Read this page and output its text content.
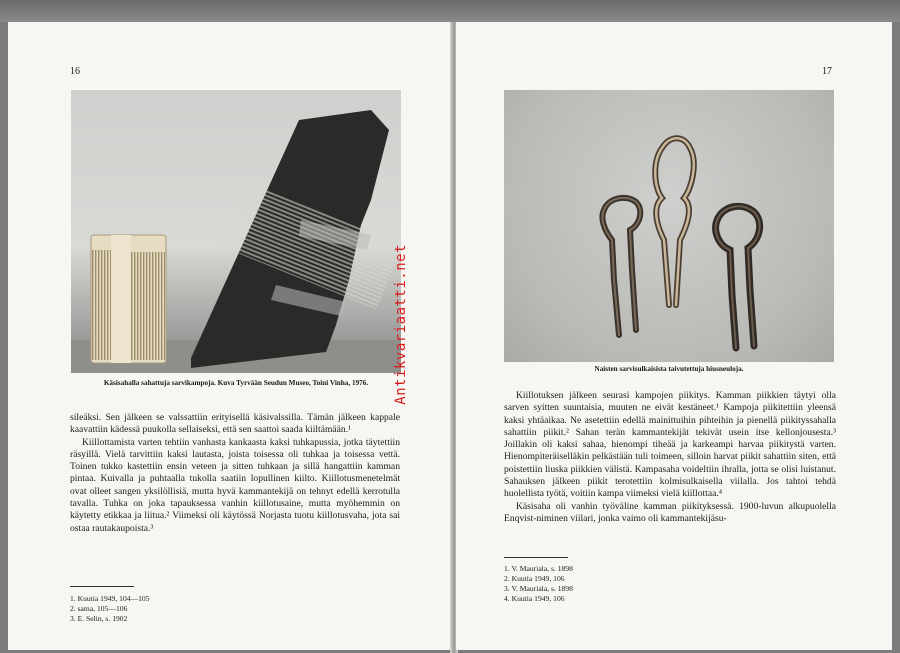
16
Käsisahalla sahattuja sarvikampoja. Kuva Tyrvään Seudun Museo, Toini Vinha, 1976.

sileäksi. Sen jälkeen se valssattiin erityisellä käsivalssilla. Tämän jälkeen kappale kaavattiin kädessä puukolla sellaiseksi, että sen saattoi saada kiiltämään.¹

Kiillottamista varten tehtiin vanhasta kankaasta kaksi tuhkapussia, jotka täytettiin räsyillä. Vielä tarvittiin kaksi lautasta, joista toisessa oli tuhkaa ja toisessa vettä. Toinen tukko kastettiin ensin veteen ja sitten tuhkaan ja sillä hangattiin kamman pintaa. Kuivalla ja puhtaalla tukolla saatiin lopullinen kiilto. Kiillotusmenetelmät ovat olleet sangen yksilöllisiä, mutta hyvä kammantekijä on tehnyt edellä kerrotulla tavalla. Tuhka on joka tapauksessa vanhin kiillotusaine, mutta myöhemmin on käytetty etikkaa ja liitua.² Viimeksi oli käytössä Norjasta tuotu kiillotusvaha, jota sai ostaa rautakaupoista.³

1. Kuutia 1949, 104—105
2. sama, 105—106
3. E. Selin, s. 1902
17
Naisten sarvisulkaisista taivutettuja hiusneuloja.

Kiillotuksen jälkeen seurasi kampojen piikitys. Kamman piikkien täytyi olla sarven syitten suuntaisia, muuten ne eivät kestäneet.¹ Kampoja piikitettiin yleensä kaksi yhtäaikaa. Ne asetettiin edellä mainittuihin pihteihin ja pienellä piikityssahalla sahattiin piikit.² Sahan terän kammantekijät tekivät usein itse kellonjousesta.³ Joillakin oli kaksi sahaa, hienompi tiheää ja karkeampi harvaa piikitystä varten. Hienompiteräiselläkin pelkästään tuli toimeen, silloin harvat piikit sahattiin siten, että poistettiin liuska piikkien välistä. Kampasaha voideltiin ihralla, jotta se olisi luistanut. Sahauksen jälkeen piikit terotettiin kolmisulkaisella viilalla. Jos tahtoi tehdä huolellista työtä, voitiin kampa viimeksi vielä kiillottaa.⁴

Käsisaha oli vanhin työväline kamman piikityksessä. 1900-luvun alkupuolella Enqvist-niminen viilari, jonka vaimo oli kammantekijäsu-

1. V. Mauriala, s. 1898
2. Kuutia 1949, 106
3. V. Mauriala, s. 1898
4. Kuutia 1949, 106
Antikvariaatti.net
